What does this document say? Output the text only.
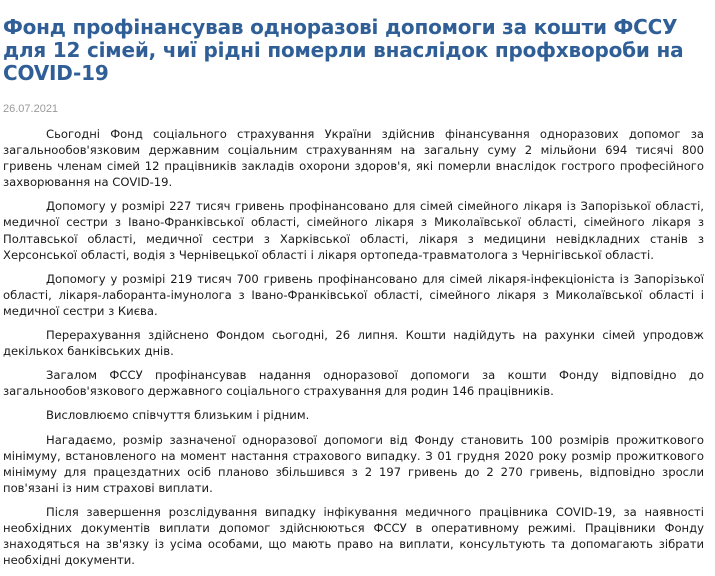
Фонд профінансував одноразові допомоги за кошти ФССУ для 12 сімей, чиї рідні померли внаслідок профхвороби на COVID-19
26.07.2021

Сьогодні Фонд соціального страхування України здійснив фінансування одноразових допомог за загальнообов'язковим державним соціальним страхуванням на загальну суму 2 мільйони 694 тисячі 800 гривень членам сімей 12 працівників закладів охорони здоров'я, які померли внаслідок гострого професійного захворювання на COVID-19.

Допомогу у розмірі 227 тисяч гривень профінансовано для сімей сімейного лікаря із Запорізької області, медичної сестри з Івано-Франківської області, сімейного лікаря з Миколаївської області, сімейного лікаря з Полтавської області, медичної сестри з Харківської області, лікаря з медицини невідкладних станів з Херсонської області, водія з Чернівецької області і лікаря ортопеда-травматолога з Чернігівської області.

Допомогу у розмірі 219 тисяч 700 гривень профінансовано для сімей лікаря-інфекціоніста із Запорізької області, лікаря-лаборанта-імунолога з Івано-Франківської області, сімейного лікаря з Миколаївської області і медичної сестри з Києва.

Перерахування здійснено Фондом сьогодні, 26 липня. Кошти надійдуть на рахунки сімей упродовж декількох банківських днів.

Загалом ФССУ профінансував надання одноразової допомоги за кошти Фонду відповідно до загальнообов'язкового державного соціального страхування для родин 146 працівників.

Висловлюємо співчуття близьким і рідним.

Нагадаємо, розмір зазначеної одноразової допомоги від Фонду становить 100 розмірів прожиткового мінімуму, встановленого на момент настання страхового випадку. З 01 грудня 2020 року розмір прожиткового мінімуму для працездатних осіб планово збільшився з 2 197 гривень до 2 270 гривень, відповідно зросли пов'язані із ним страхові виплати.

Після завершення розслідування випадку інфікування медичного працівника COVID-19, за наявності необхідних документів виплати допомог здійснюються ФССУ в оперативному режимі. Працівники Фонду знаходяться на зв'язку із усіма особами, що мають право на виплати, консультують та допомагають зібрати необхідні документи.
